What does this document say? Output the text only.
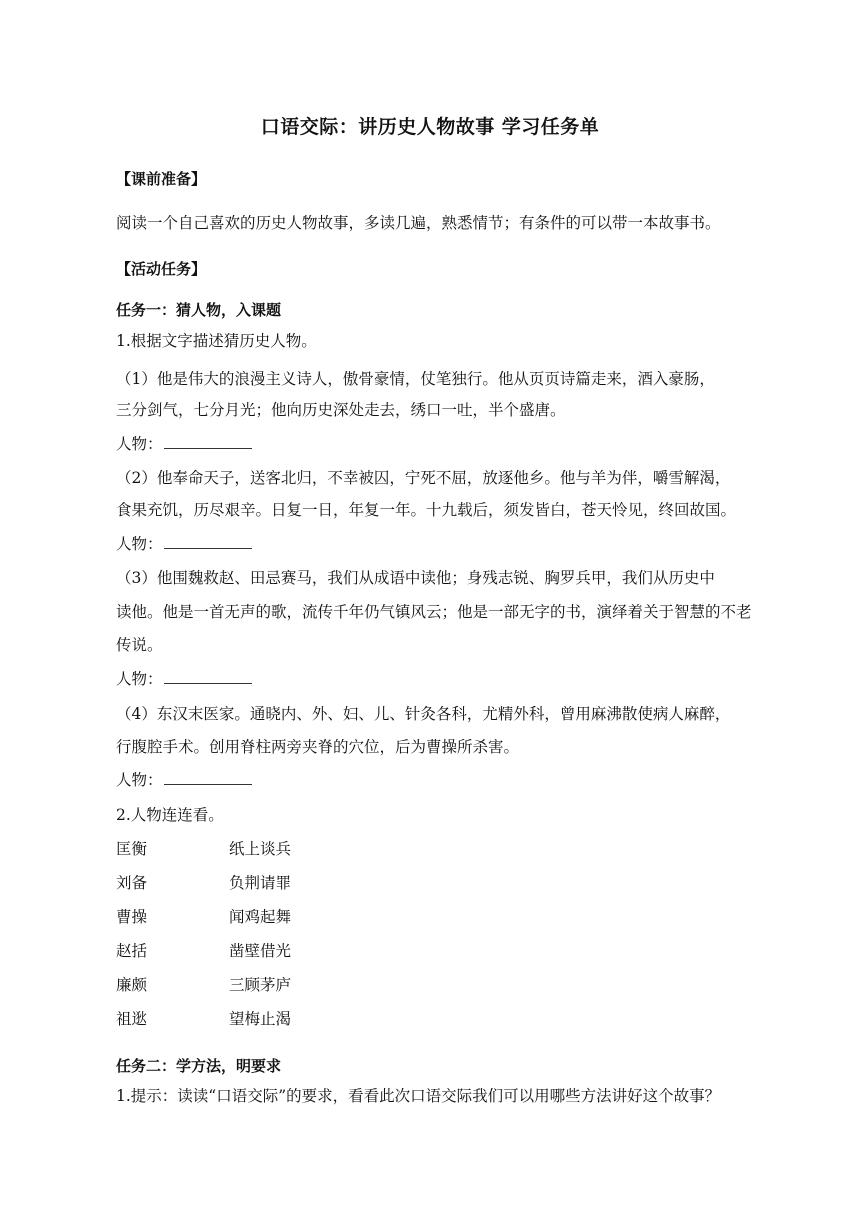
口语交际：讲历史人物故事 学习任务单
【课前准备】
阅读一个自己喜欢的历史人物故事，多读几遍，熟悉情节；有条件的可以带一本故事书。
【活动任务】
任务一：猜人物，入课题
1.根据文字描述猜历史人物。
（1）他是伟大的浪漫主义诗人，傲骨豪情，仗笔独行。他从页页诗篇走来，酒入豪肠，
三分剑气，七分月光；他向历史深处走去，绣口一吐，半个盛唐。
人物：
（2）他奉命天子，送客北归，不幸被囚，宁死不屈，放逐他乡。他与羊为伴，嚼雪解渴，
食果充饥，历尽艰辛。日复一日，年复一年。十九载后，须发皆白，苍天怜见，终回故国。
人物：
（3）他围魏救赵、田忌赛马，我们从成语中读他；身残志锐、胸罗兵甲，我们从历史中
读他。他是一首无声的歌，流传千年仍气镇风云；他是一部无字的书，演绎着关于智慧的不老
传说。
人物：
（4）东汉末医家。通晓内、外、妇、儿、针灸各科，尤精外科，曾用麻沸散使病人麻醉，
行腹腔手术。创用脊柱两旁夹脊的穴位，后为曹操所杀害。
人物：
2.人物连连看。
匡衡	纸上谈兵
刘备	负荆请罪
曹操	闻鸡起舞
赵括	凿壁借光
廉颇	三顾茅庐
祖逖	望梅止渴
任务二：学方法，明要求
1.提示：读读“口语交际”的要求，看看此次口语交际我们可以用哪些方法讲好这个故事？
